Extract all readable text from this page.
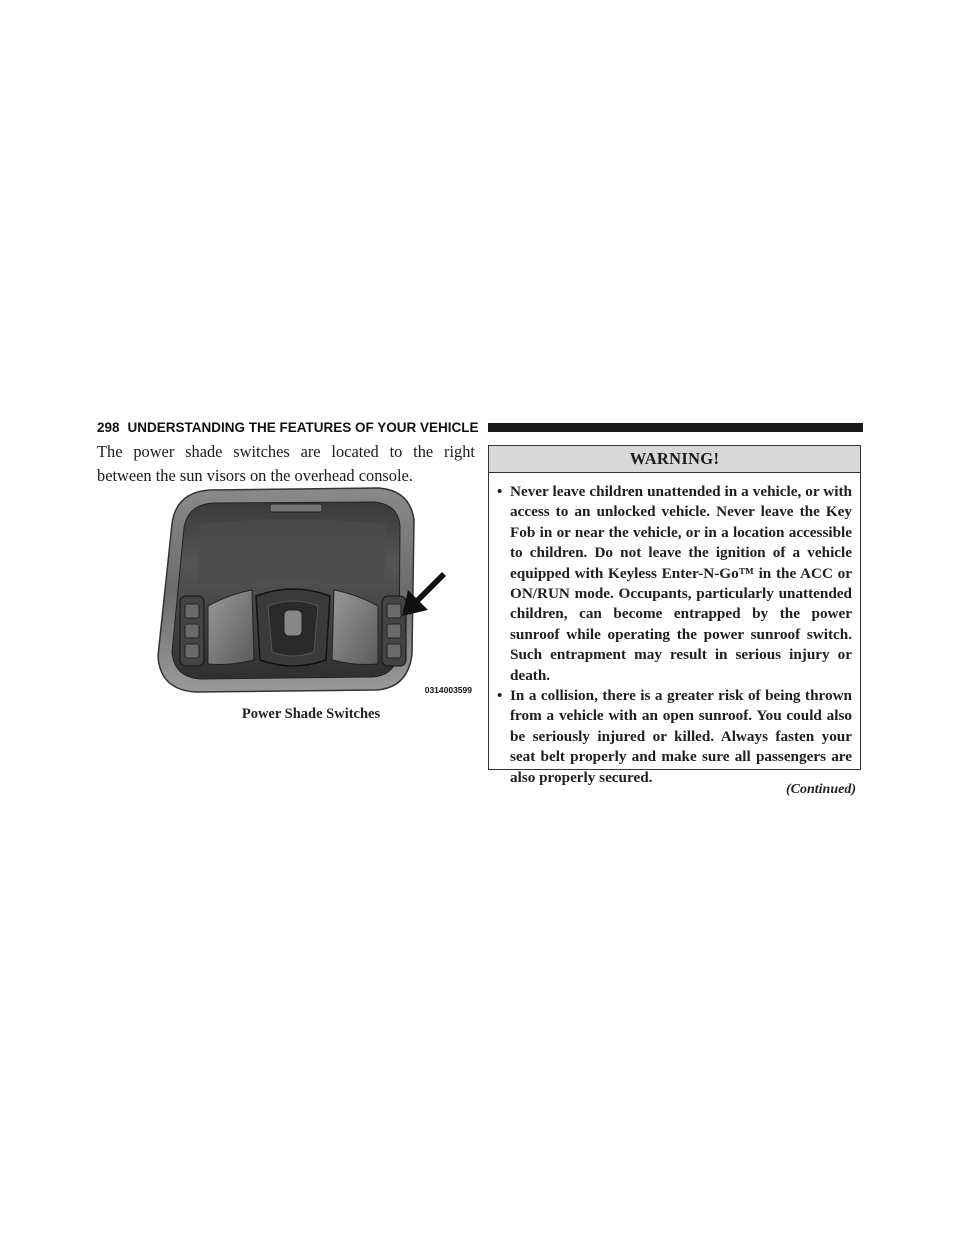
298 UNDERSTANDING THE FEATURES OF YOUR VEHICLE

The power shade switches are located to the right between the sun visors on the overhead console.

0314003599
Power Shade Switches
WARNING!
• Never leave children unattended in a vehicle, or with access to an unlocked vehicle. Never leave the Key Fob in or near the vehicle, or in a location accessible to children. Do not leave the ignition of a vehicle equipped with Keyless Enter-N-Go™ in the ACC or ON/RUN mode. Occupants, particularly unattended children, can become entrapped by the power sunroof while operating the power sunroof switch. Such entrapment may result in serious injury or death.
• In a collision, there is a greater risk of being thrown from a vehicle with an open sunroof. You could also be seriously injured or killed. Always fasten your seat belt properly and make sure all passengers are also properly secured.
(Continued)
